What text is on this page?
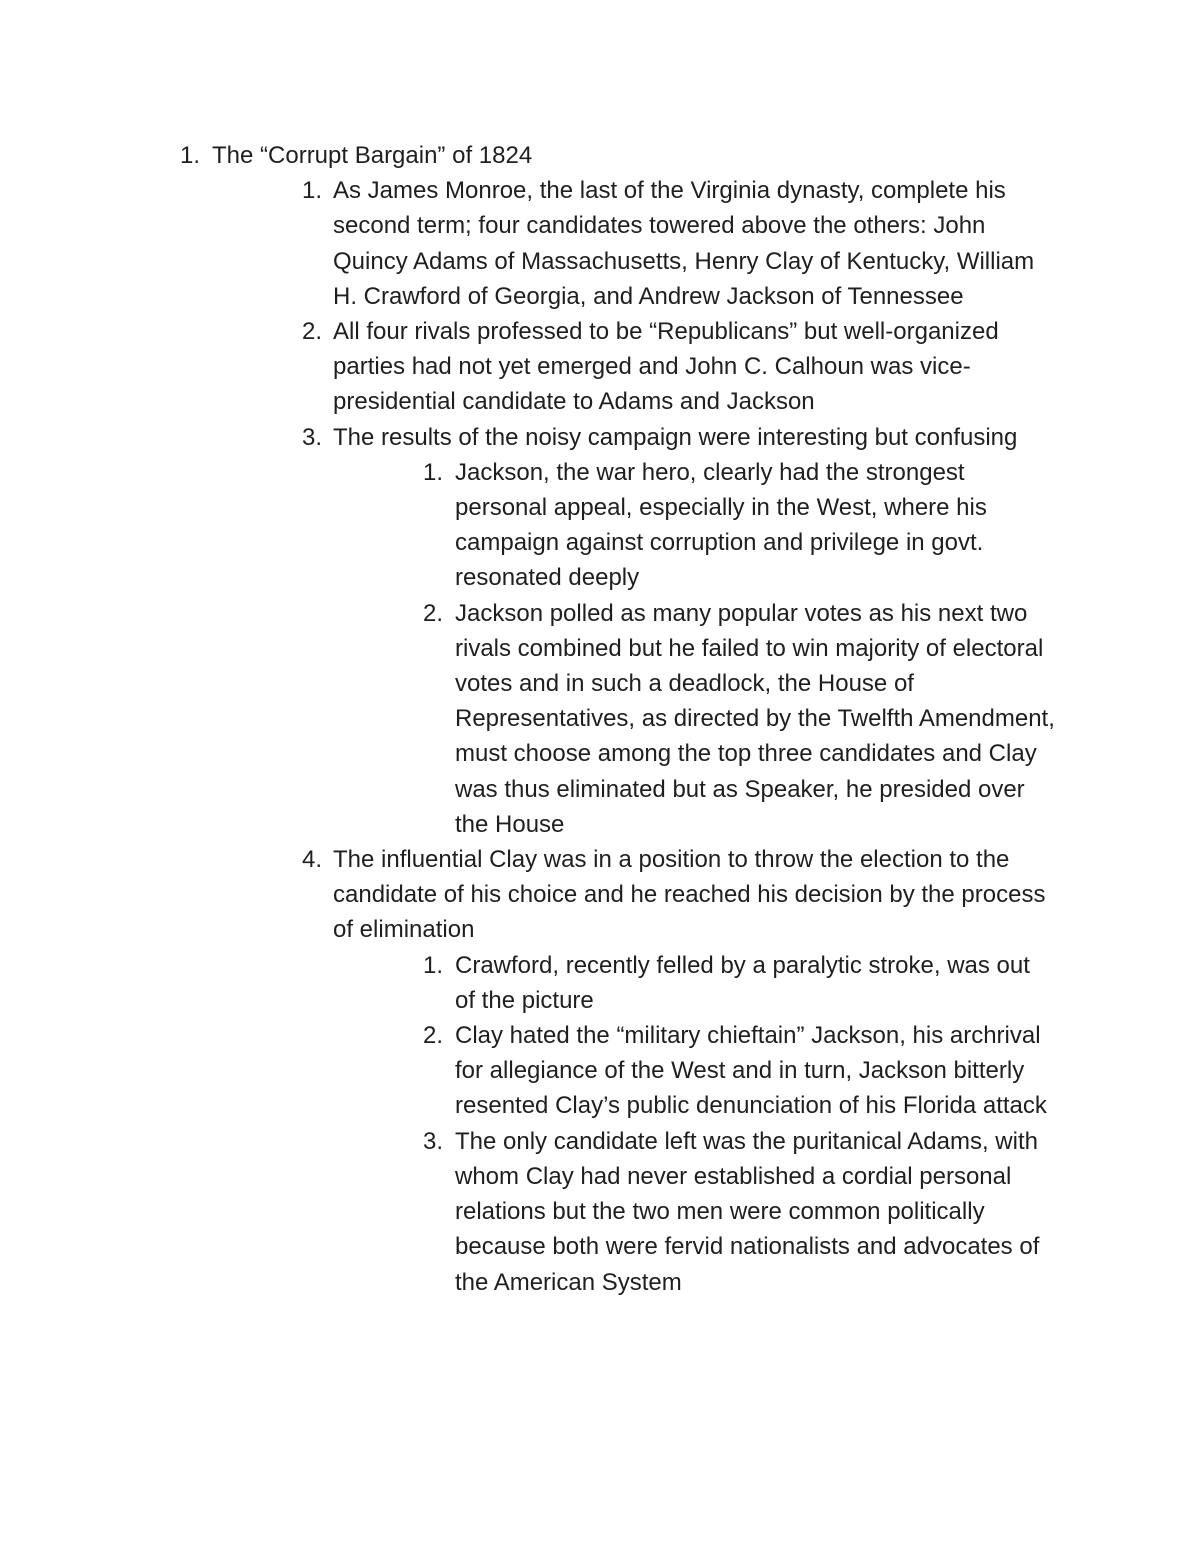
1. The “Corrupt Bargain” of 1824
1. As James Monroe, the last of the Virginia dynasty, complete his second term; four candidates towered above the others: John Quincy Adams of Massachusetts, Henry Clay of Kentucky, William H. Crawford of Georgia, and Andrew Jackson of Tennessee
2. All four rivals professed to be “Republicans” but well-organized parties had not yet emerged and John C. Calhoun was vice-presidential candidate to Adams and Jackson
3. The results of the noisy campaign were interesting but confusing
1. Jackson, the war hero, clearly had the strongest personal appeal, especially in the West, where his campaign against corruption and privilege in govt. resonated deeply
2. Jackson polled as many popular votes as his next two rivals combined but he failed to win majority of electoral votes and in such a deadlock, the House of Representatives, as directed by the Twelfth Amendment, must choose among the top three candidates and Clay was thus eliminated but as Speaker, he presided over the House
4. The influential Clay was in a position to throw the election to the candidate of his choice and he reached his decision by the process of elimination
1. Crawford, recently felled by a paralytic stroke, was out of the picture
2. Clay hated the “military chieftain” Jackson, his archrival for allegiance of the West and in turn, Jackson bitterly resented Clay’s public denunciation of his Florida attack
3. The only candidate left was the puritanical Adams, with whom Clay had never established a cordial personal relations but the two men were common politically because both were fervid nationalists and advocates of the American System
